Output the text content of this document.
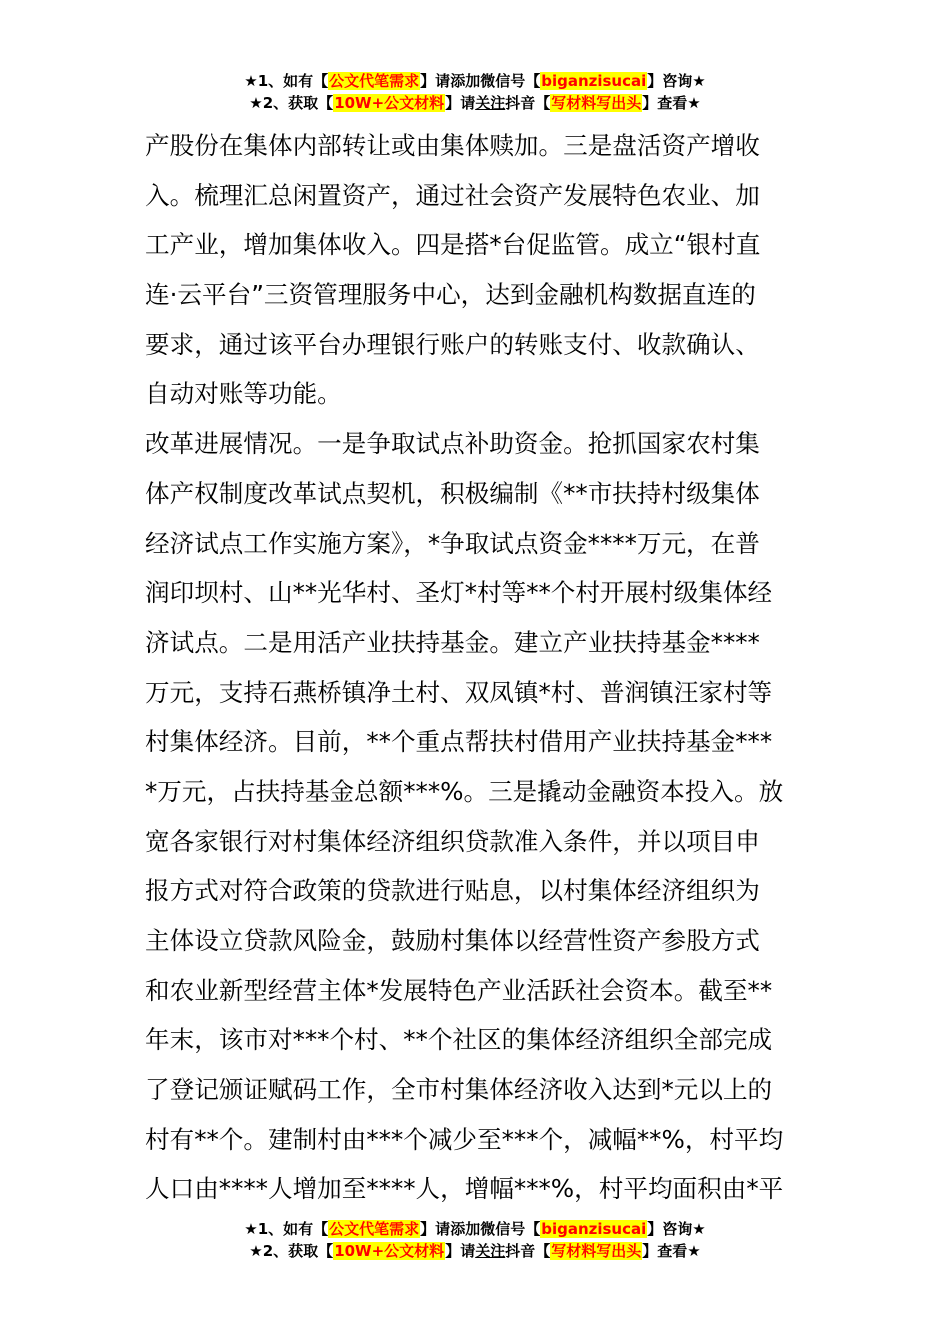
★1、如有【公文代笔需求】请添加微信号【biganzisucai】咨询★
★2、获取【10W+公文材料】请关注抖音【写材料写出头】查看★
产股份在集体内部转让或由集体赎加。三是盘活资产增收
入。梳理汇总闲置资产，通过社会资产发展特色农业、加
工产业，增加集体收入。四是搭*台促监管。成立“银村直
连·云平台”三资管理服务中心，达到金融机构数据直连的
要求，通过该平台办理银行账户的转账支付、收款确认、
自动对账等功能。
改革进展情况。一是争取试点补助资金。抢抓国家农村集
体产权制度改革试点契机，积极编制《**市扶持村级集体
经济试点工作实施方案》，*争取试点资金****万元，在普
润印坝村、山**光华村、圣灯*村等**个村开展村级集体经
济试点。二是用活产业扶持基金。建立产业扶持基金****
万元，支持石燕桥镇净土村、双凤镇*村、普润镇汪家村等
村集体经济。目前，**个重点帮扶村借用产业扶持基金***
*万元，占扶持基金总额***%。三是撬动金融资本投入。放
宽各家银行对村集体经济组织贷款准入条件，并以项目申
报方式对符合政策的贷款进行贴息，以村集体经济组织为
主体设立贷款风险金，鼓励村集体以经营性资产参股方式
和农业新型经营主体*发展特色产业活跃社会资本。截至**
年末，该市对***个村、**个社区的集体经济组织全部完成
了登记颁证赋码工作，全市村集体经济收入达到*元以上的
村有**个。建制村由***个减少至***个，减幅**%，村平均
人口由****人增加至****人，增幅***%，村平均面积由*平
★1、如有【公文代笔需求】请添加微信号【biganzisucai】咨询★
★2、获取【10W+公文材料】请关注抖音【写材料写出头】查看★
